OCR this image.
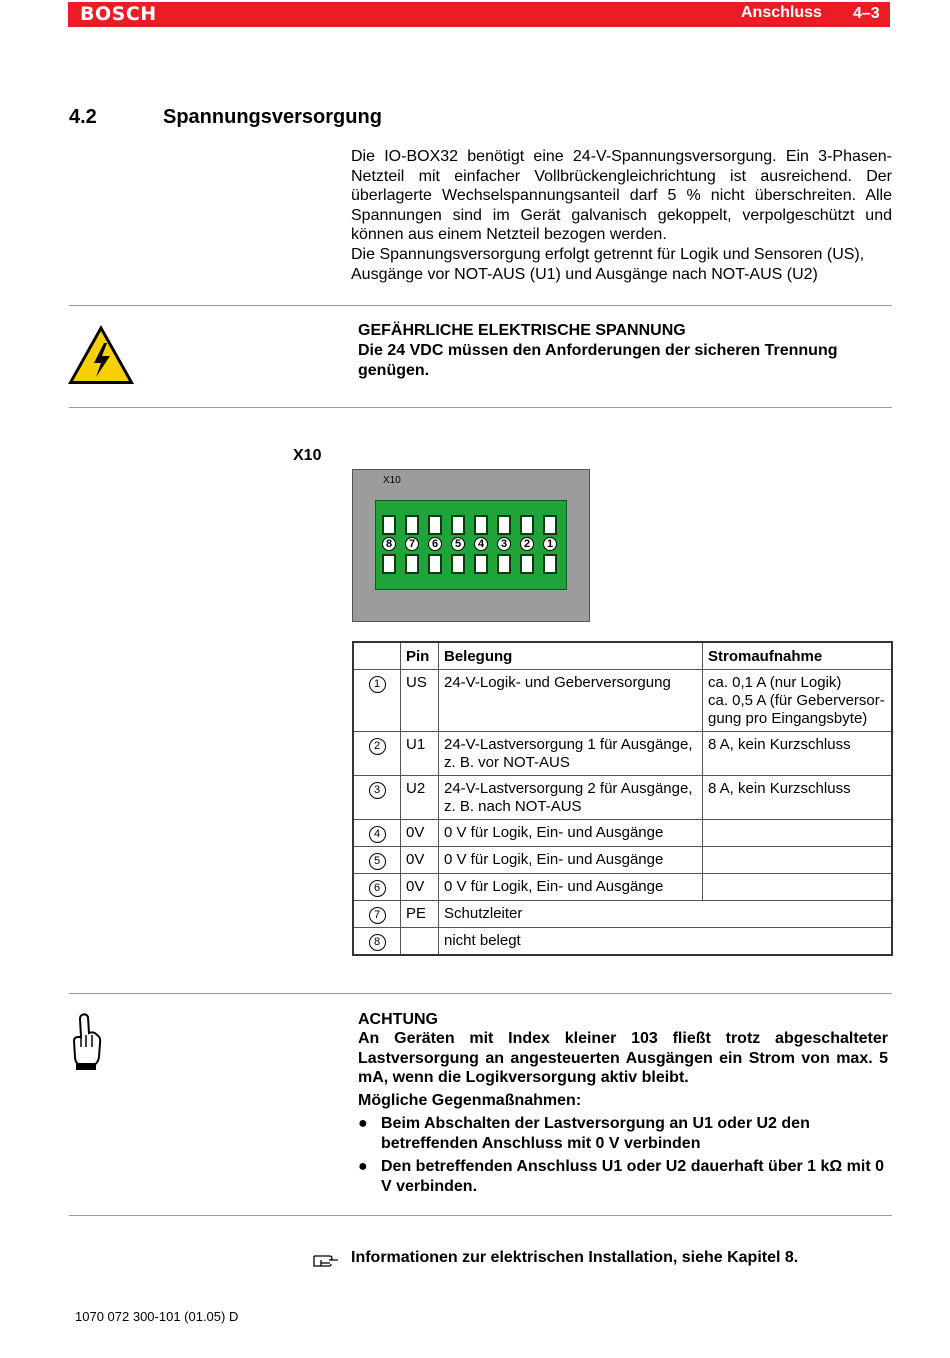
BOSCH	Anschluss 4–3
4.2	Spannungsversorgung

Die IO-BOX32 benötigt eine 24-V-Spannungsversorgung. Ein 3-Phasen-Netzteil mit einfacher Vollbrückengleichrichtung ist ausreichend. Der überlagerte Wechselspannungsanteil darf 5 % nicht überschreiten. Alle Spannungen sind im Gerät galvanisch gekoppelt, verpolgeschützt und können aus einem Netzteil bezogen werden.

Die Spannungsversorgung erfolgt getrennt für Logik und Sensoren (US), Ausgänge vor NOT-AUS (U1) und Ausgänge nach NOT-AUS (U2)

GEFÄHRLICHE ELEKTRISCHE SPANNUNG
Die 24 VDC müssen den Anforderungen der sicheren Trennung genügen.
X10
X10
8	7	6	5	4	3	2	1
	Pin	Belegung	Stromaufnahme
1	US	24-V-Logik- und Geberversorgung	ca. 0,1 A (nur Logik)
ca. 0,5 A (für Geberversor-
gung pro Eingangsbyte)

2	U1	24-V-Lastversorgung 1 für Ausgänge,
z. B. vor NOT-AUS	8 A, kein Kurzschluss

3	U2	24-V-Lastversorgung 2 für Ausgänge,
z. B. nach NOT-AUS	8 A, kein Kurzschluss

4	0V	0 V für Logik, Ein- und Ausgänge	

5	0V	0 V für Logik, Ein- und Ausgänge	

6	0V	0 V für Logik, Ein- und Ausgänge	

7	PE	Schutzleiter	

8		nicht belegt	
ACHTUNG
An Geräten mit Index kleiner 103 fließt trotz abgeschalteter Lastversorgung an angesteuerten Ausgängen ein Strom von max. 5 mA, wenn die Logikversorgung aktiv bleibt.
Mögliche Gegenmaßnahmen:
● Beim Abschalten der Lastversorgung an U1 oder U2 den betreffenden Anschluss mit 0 V verbinden
● Den betreffenden Anschluss U1 oder U2 dauerhaft über 1 kΩ mit 0 V verbinden.
Informationen zur elektrischen Installation, siehe Kapitel 8.
1070 072 300-101 (01.05) D
